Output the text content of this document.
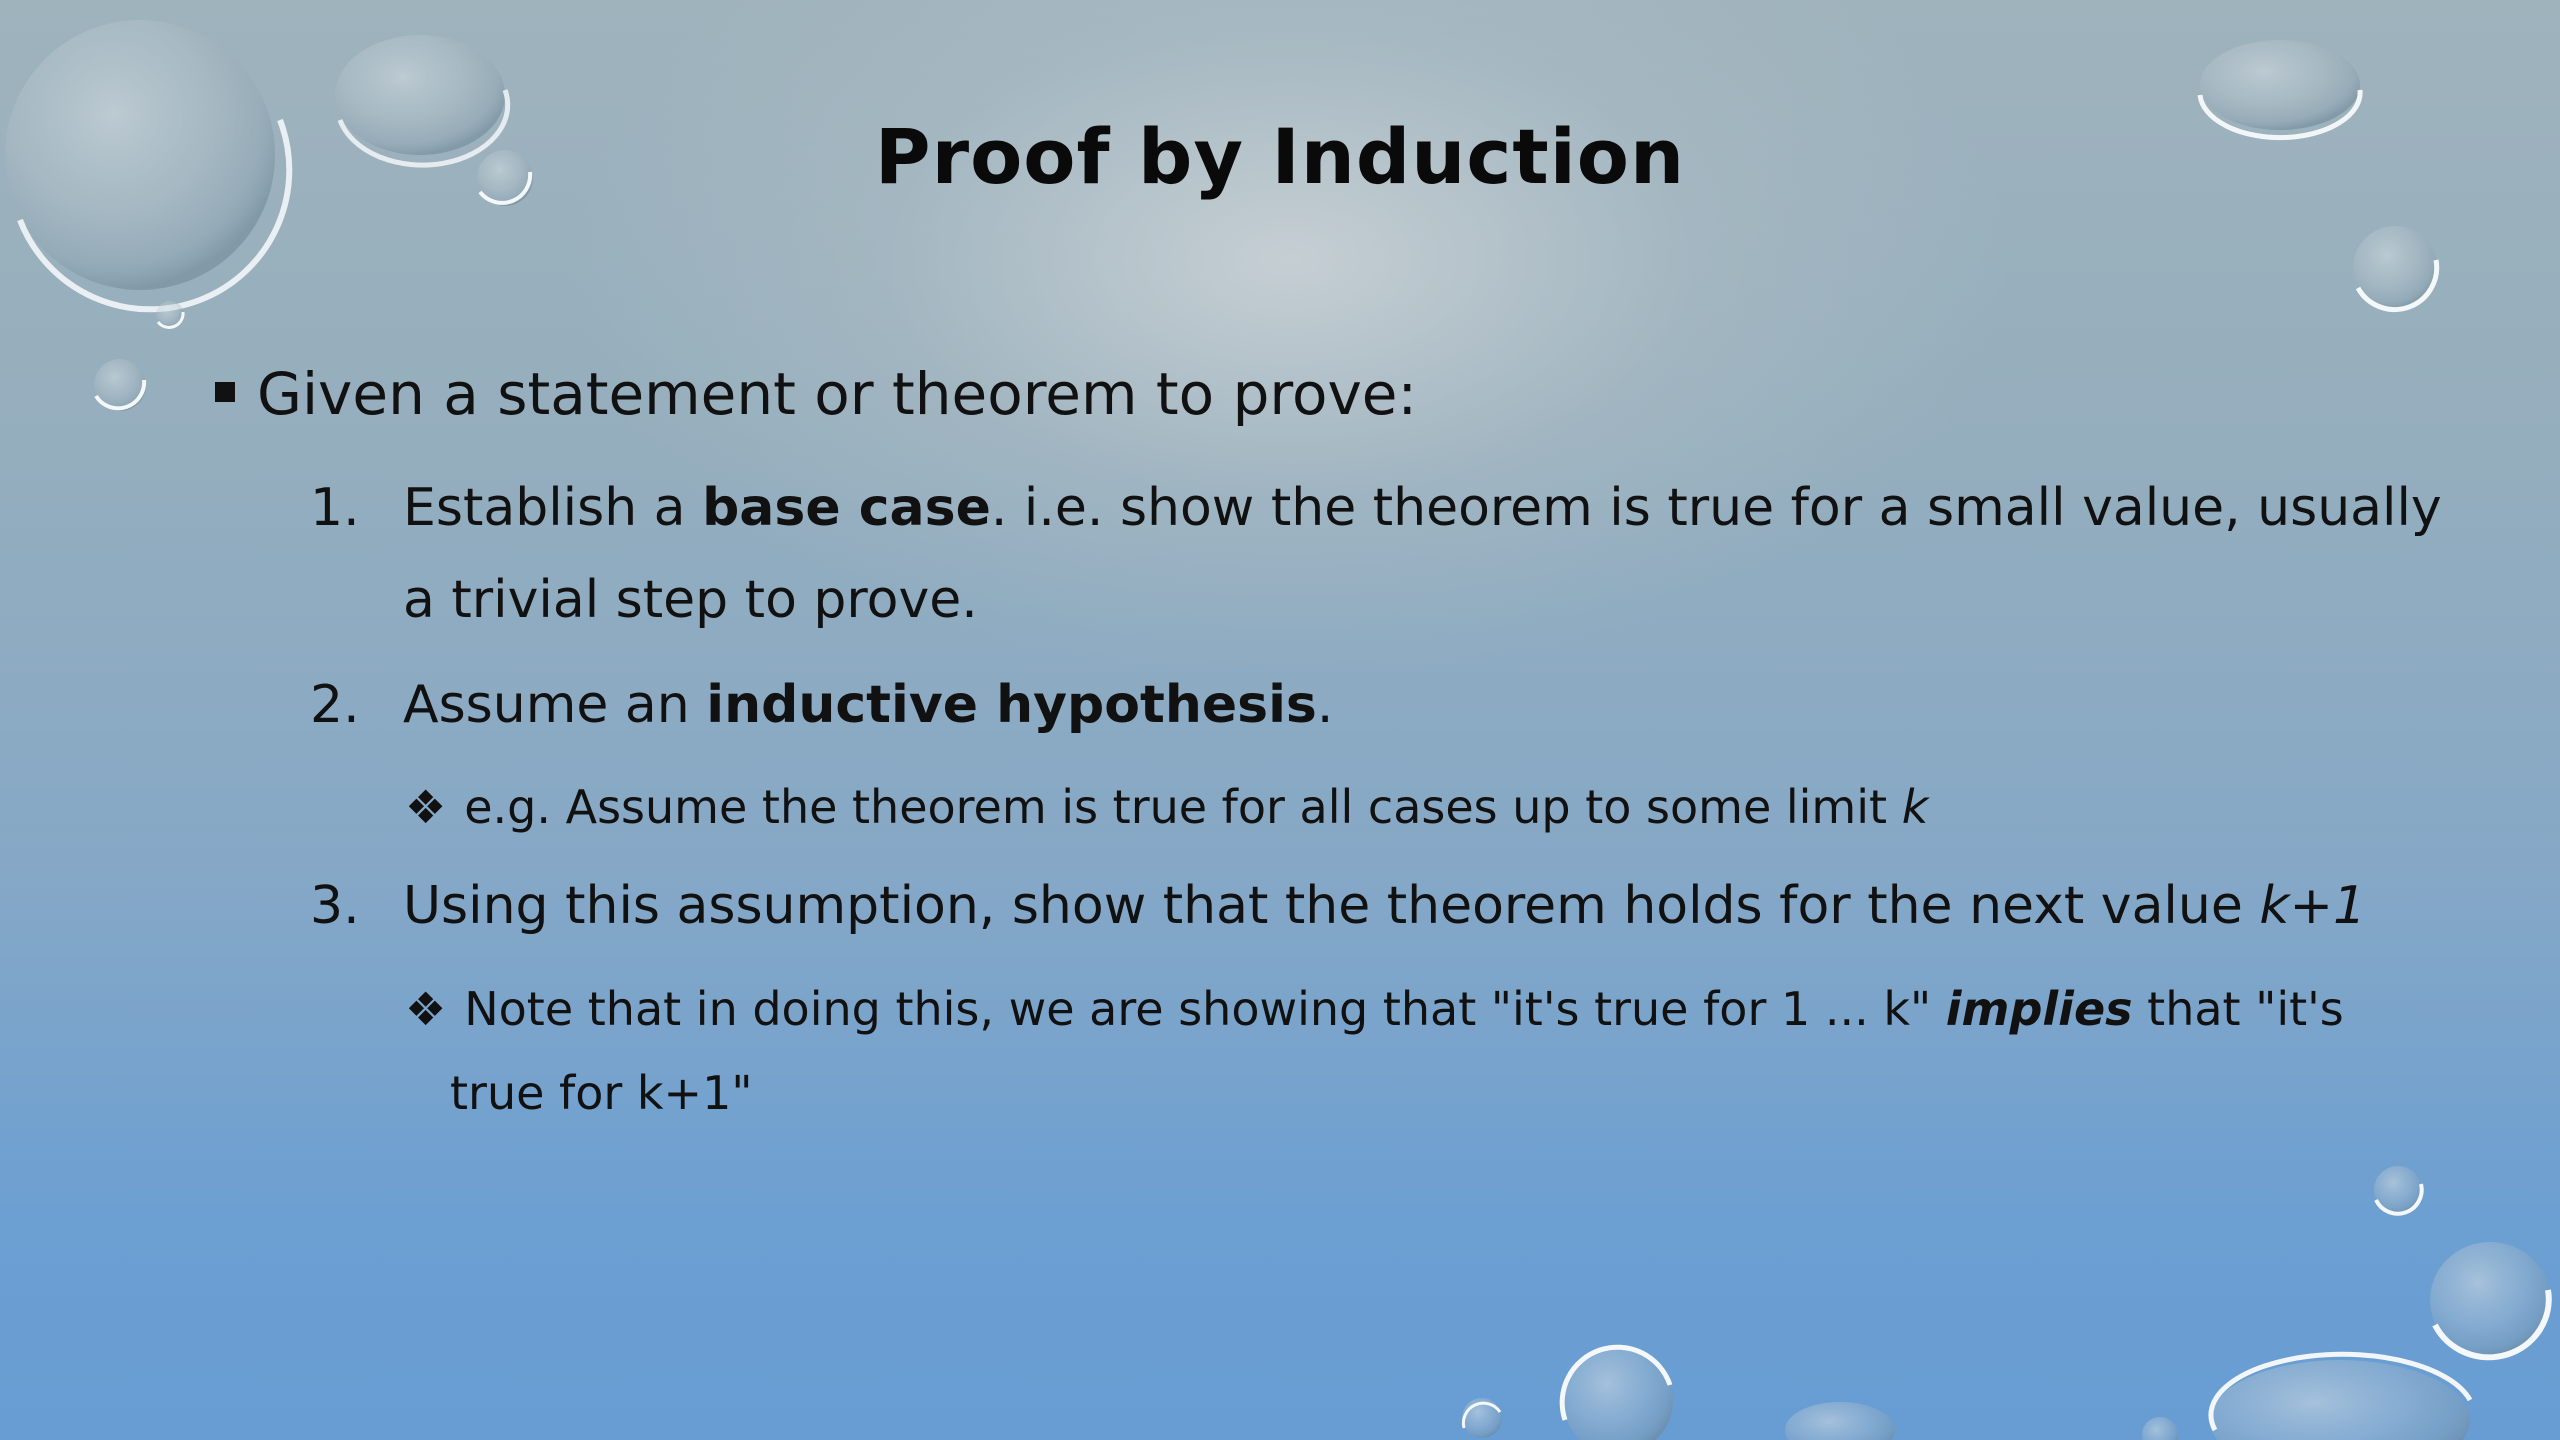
Proof by Induction
Given a statement or theorem to prove:
1. Establish a base case. i.e. show the theorem is true for a small value, usually
a trivial step to prove.
2. Assume an inductive hypothesis.
❖ e.g. Assume the theorem is true for all cases up to some limit k
3. Using this assumption, show that the theorem holds for the next value k+1
❖ Note that in doing this, we are showing that "it's true for 1 ... k" implies that "it's
true for k+1"
